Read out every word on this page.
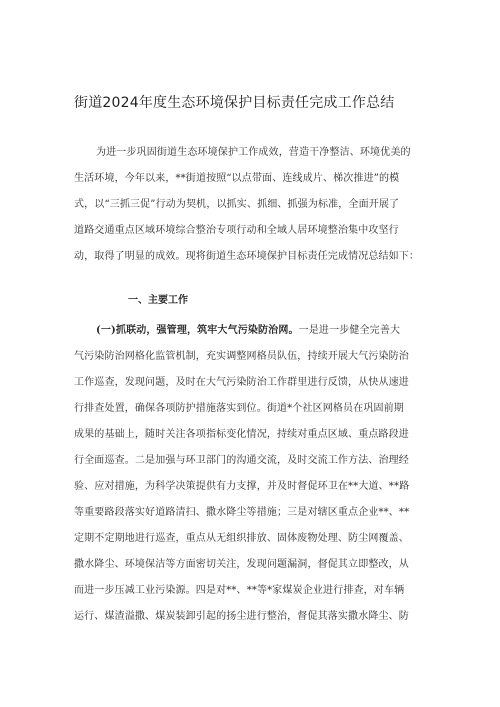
街道2024年度生态环境保护目标责任完成工作总结
为进一步巩固街道生态环境保护工作成效，营造干净整洁、环境优美的
生活环境，今年以来，**街道按照“以点带面、连线成片、梯次推进”的模
式，以“三抓三促”行动为契机，以抓实、抓细、抓强为标准，全面开展了
道路交通重点区域环境综合整治专项行动和全域人居环境整治集中攻坚行
动，取得了明显的成效。现将街道生态环境保护目标责任完成情况总结如下：
一、主要工作
(一)抓联动，强管理，筑牢大气污染防治网。一是进一步健全完善大
气污染防治网格化监管机制，充实调整网格员队伍，持续开展大气污染防治
工作巡查，发现问题，及时在大气污染防治工作群里进行反馈，从快从速进
行排查处置，确保各项防护措施落实到位。街道*个社区网格员在巩固前期
成果的基础上，随时关注各项指标变化情况，持续对重点区域、重点路段进
行全面巡查。二是加强与环卫部门的沟通交流，及时交流工作方法、治理经
验、应对措施，为科学决策提供有力支撑，并及时督促环卫在**大道、**路
等重要路段落实好道路清扫、撒水降尘等措施；三是对辖区重点企业**、**
定期不定期地进行巡查，重点从无组织排放、固体废物处理、防尘网覆盖、
撒水降尘、环境保洁等方面密切关注，发现问题漏洞，督促其立即整改，从
而进一步压减工业污染源。四是对**、**等*家煤炭企业进行排查，对车辆
运行、煤渣溢撒、煤炭装卸引起的扬尘进行整治，督促其落实撒水降尘、防
